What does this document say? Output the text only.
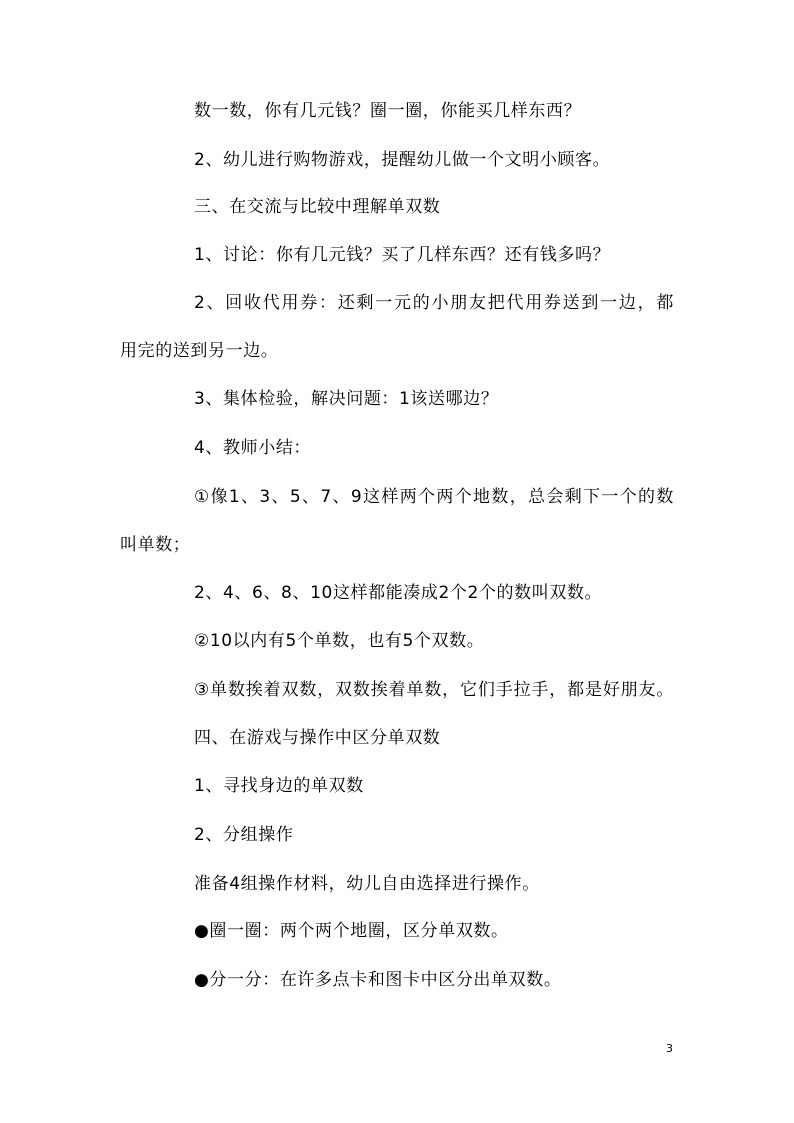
数一数，你有几元钱？圈一圈，你能买几样东西？
2、幼儿进行购物游戏，提醒幼儿做一个文明小顾客。
三、在交流与比较中理解单双数
1、讨论：你有几元钱？买了几样东西？还有钱多吗？
2、回收代用券：还剩一元的小朋友把代用券送到一边，都
用完的送到另一边。
3、集体检验，解决问题：1该送哪边？
4、教师小结：
①像1、3、5、7、9这样两个两个地数，总会剩下一个的数
叫单数；
2、4、6、8、10这样都能凑成2个2个的数叫双数。
②10以内有5个单数，也有5个双数。
③单数挨着双数，双数挨着单数，它们手拉手，都是好朋友。
四、在游戏与操作中区分单双数
1、寻找身边的单双数
2、分组操作
准备4组操作材料，幼儿自由选择进行操作。
●圈一圈：两个两个地圈，区分单双数。
●分一分：在许多点卡和图卡中区分出单双数。
3
